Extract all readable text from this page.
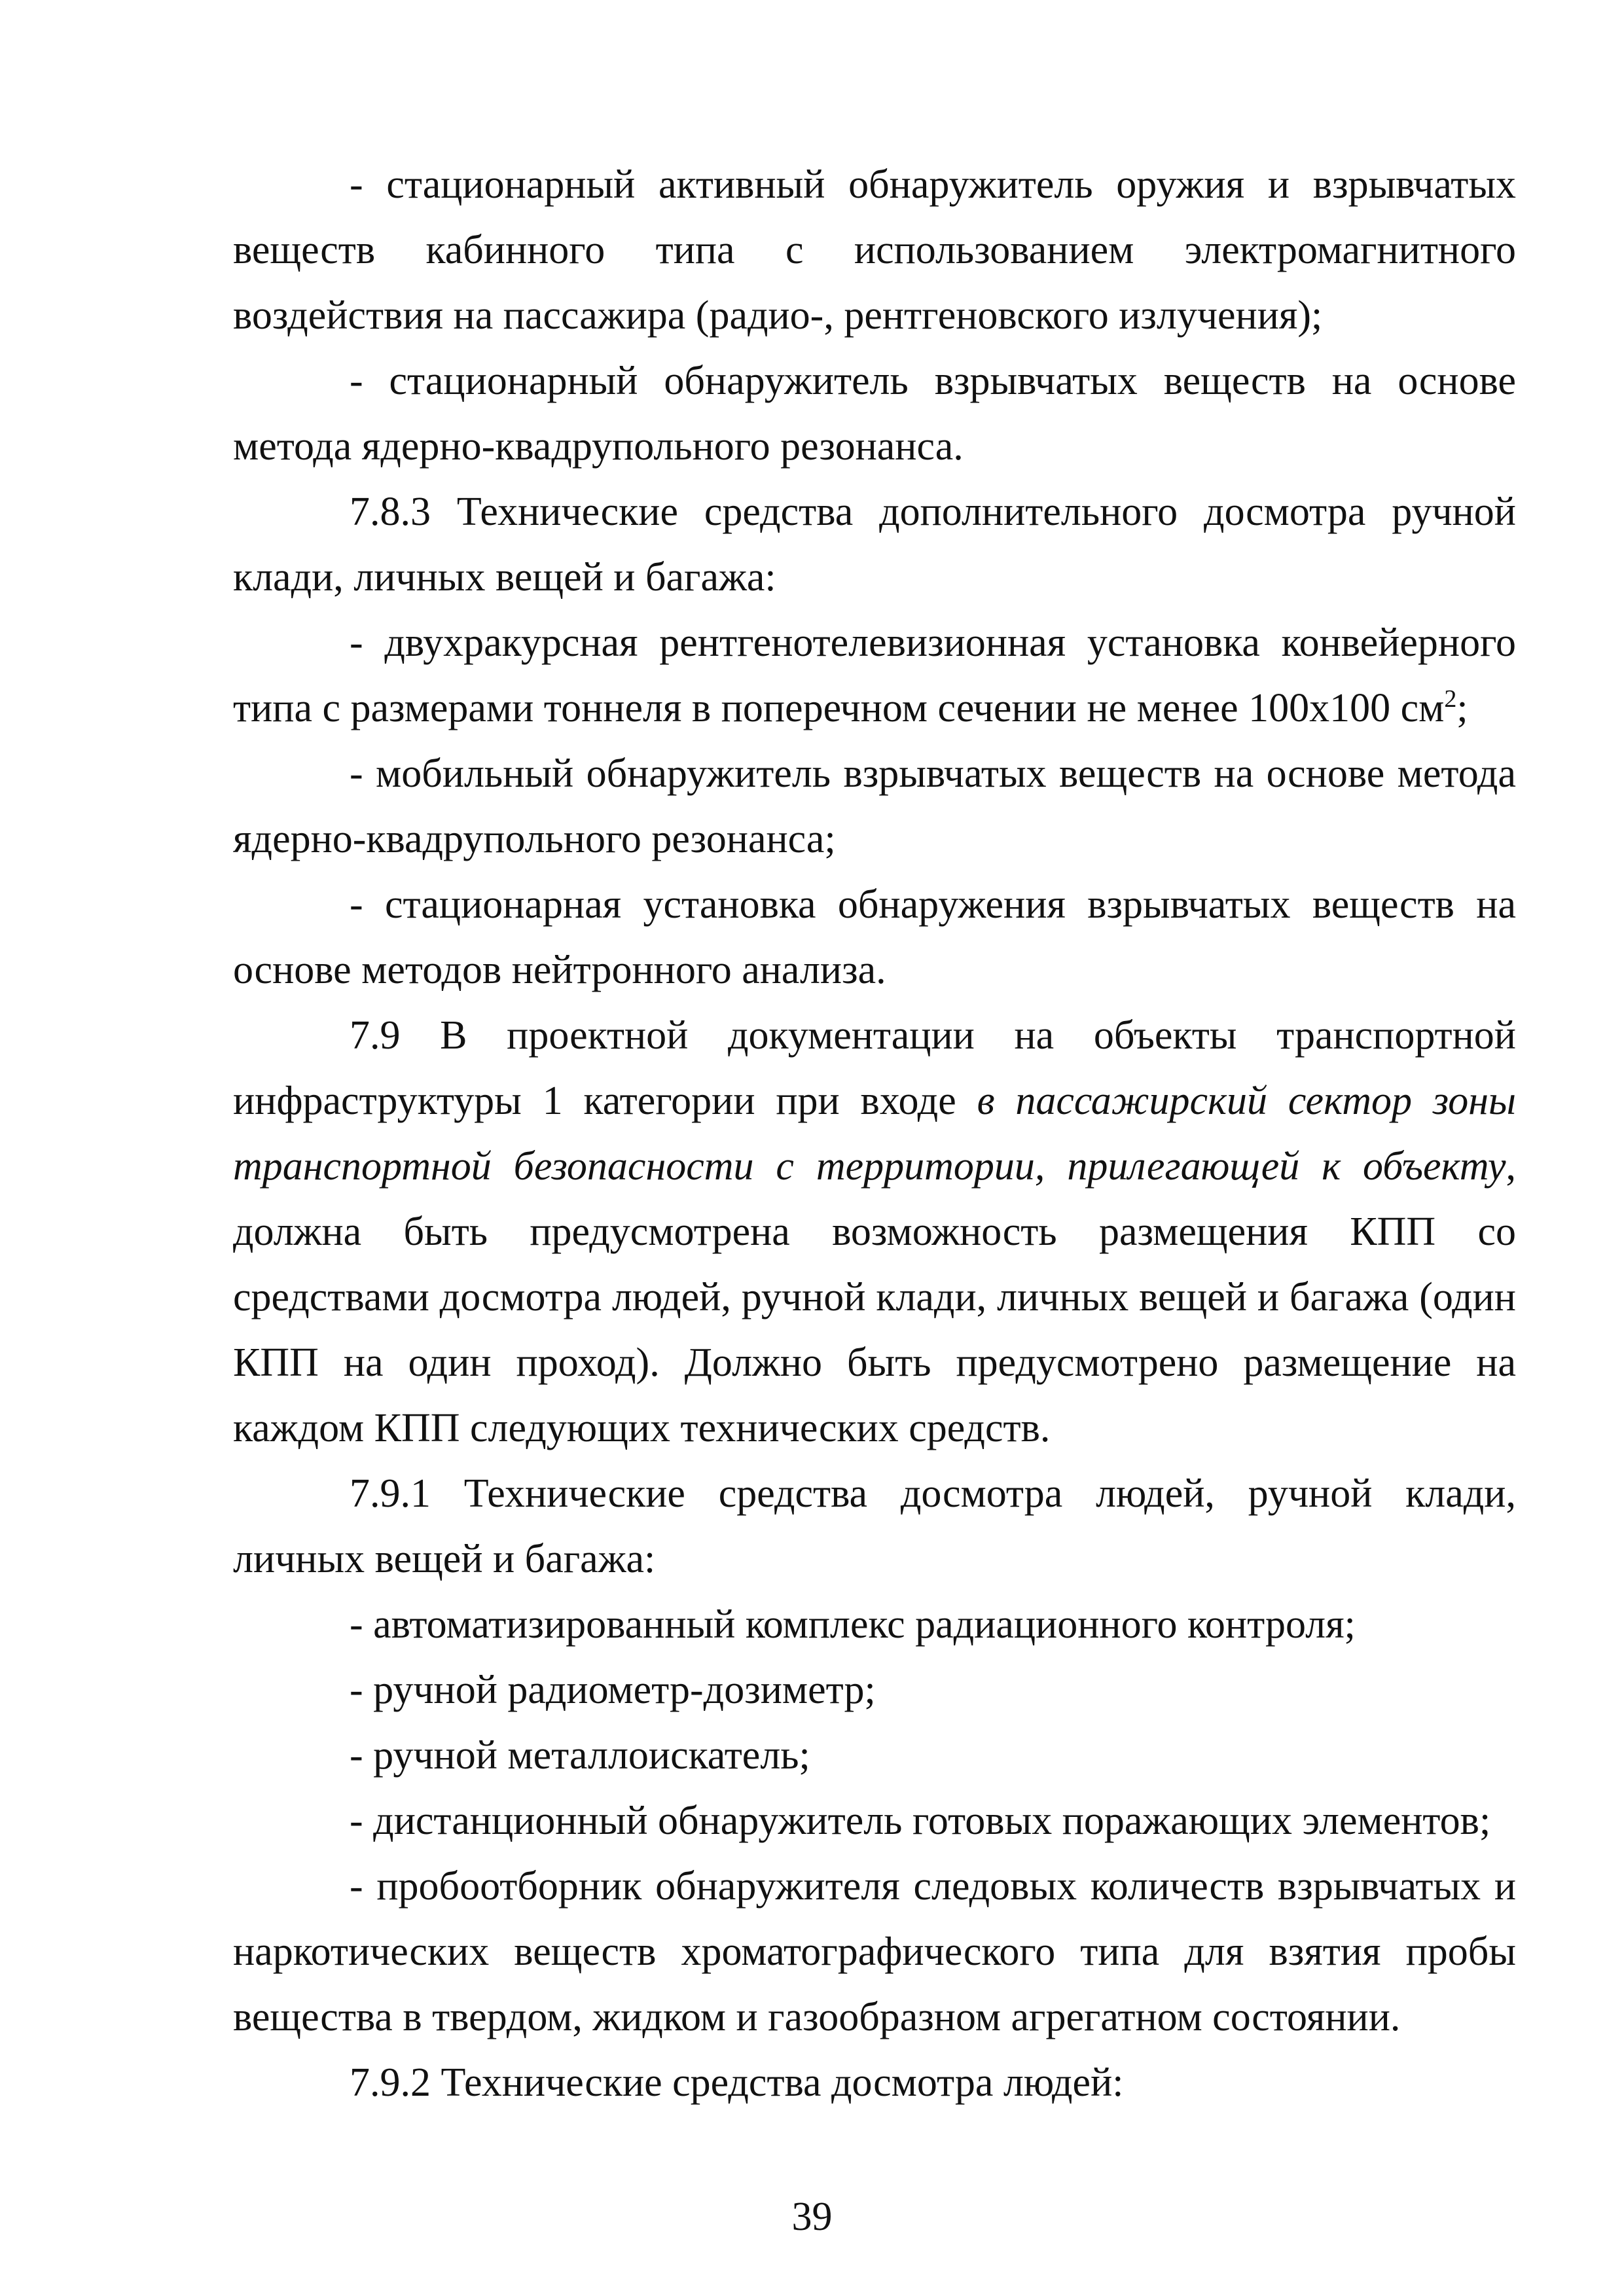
- стационарный активный обнаружитель оружия и взрывчатых веществ кабинного типа с использованием электромагнитного воздействия на пассажира (радио-, рентгеновского излучения);

- стационарный обнаружитель взрывчатых веществ на основе метода ядерно-квадрупольного резонанса.

7.8.3 Технические средства дополнительного досмотра ручной клади, личных вещей и багажа:

- двухракурсная рентгенотелевизионная установка конвейерного типа с размерами тоннеля в поперечном сечении не менее 100х100 $см^2$;

- мобильный обнаружитель взрывчатых веществ на основе метода ядерно-квадрупольного резонанса;

- стационарная установка обнаружения взрывчатых веществ на основе методов нейтронного анализа.

7.9 В проектной документации на объекты транспортной инфраструктуры 1 категории при входе в пассажирский сектор зоны транспортной безопасности с территории, прилегающей к объекту, должна быть предусмотрена возможность размещения КПП со средствами досмотра людей, ручной клади, личных вещей и багажа (один КПП на один проход). Должно быть предусмотрено размещение на каждом КПП следующих технических средств.

7.9.1 Технические средства досмотра людей, ручной клади, личных вещей и багажа:

- автоматизированный комплекс радиационного контроля;

- ручной радиометр-дозиметр;

- ручной металлоискатель;

- дистанционный обнаружитель готовых поражающих элементов;

- пробоотборник обнаружителя следовых количеств взрывчатых и наркотических веществ хроматографического типа для взятия пробы вещества в твердом, жидком и газообразном агрегатном состоянии.

7.9.2 Технические средства досмотра людей:

39
